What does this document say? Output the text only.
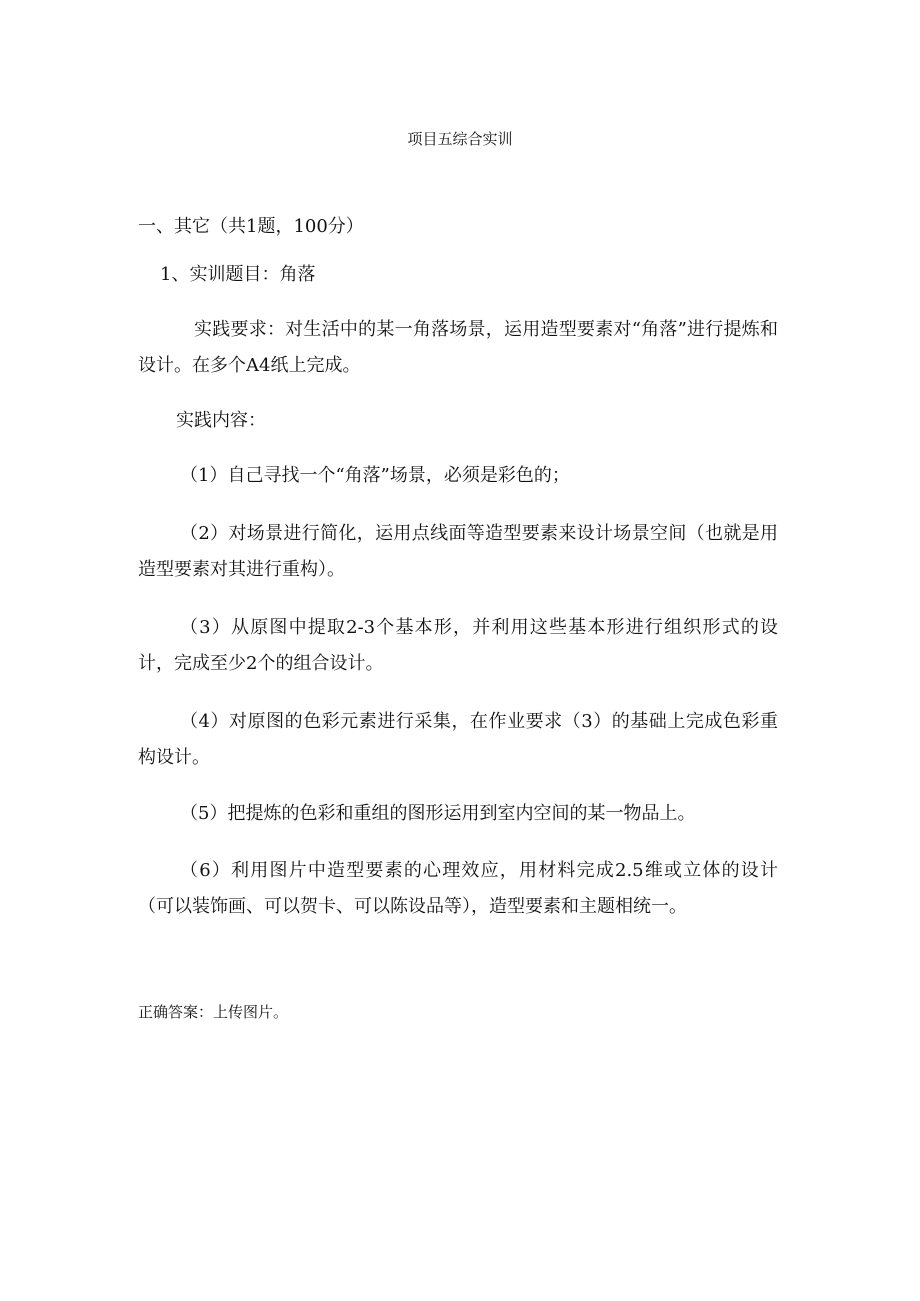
项目五综合实训
一、其它（共1题，100分）
1、实训题目：角落
实践要求：对生活中的某一角落场景，运用造型要素对“角落”进行提炼和设计。在多个A4纸上完成。
实践内容：
（1）自己寻找一个“角落”场景，必须是彩色的；
（2）对场景进行简化，运用点线面等造型要素来设计场景空间（也就是用造型要素对其进行重构）。
（3）从原图中提取2-3个基本形，并利用这些基本形进行组织形式的设计，完成至少2个的组合设计。
（4）对原图的色彩元素进行采集，在作业要求（3）的基础上完成色彩重构设计。
（5）把提炼的色彩和重组的图形运用到室内空间的某一物品上。
（6）利用图片中造型要素的心理效应，用材料完成2.5维或立体的设计（可以装饰画、可以贺卡、可以陈设品等），造型要素和主题相统一。
正确答案：上传图片。
